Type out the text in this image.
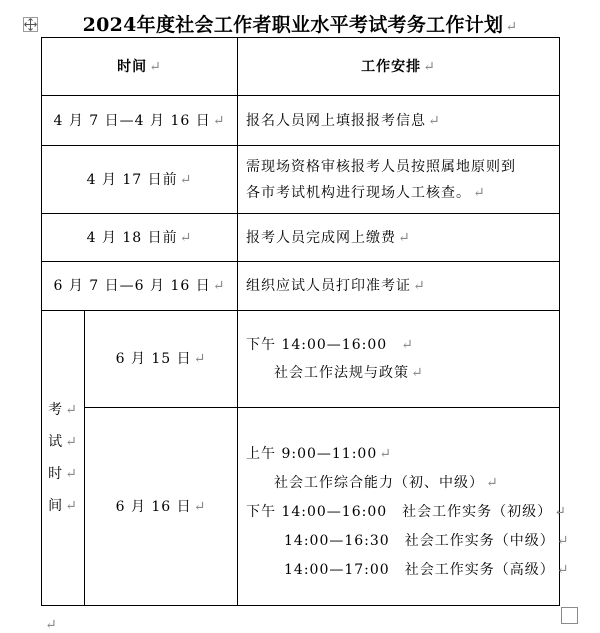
2024年度社会工作者职业水平考试考务工作计划 ↵
时间 ↵	工作安排 ↵
4 月 7 日—4 月 16 日 ↵ 报名人员网上填报报考信息 ↵
4 月 17 日前 ↵
需现场资格审核报考人员按照属地原则到
各市考试机构进行现场人工核查。 ↵
4 月 18 日前 ↵	报考人员完成网上缴费 ↵
6 月 7 日—6 月 16 日 ↵ 组织应试人员打印准考证 ↵
考 ↵
试 ↵
时 ↵
间 ↵
6 月 15 日 ↵
下午 14:00—16:00 ↵
社会工作法规与政策 ↵
6 月 16 日 ↵
上午 9:00—11:00 ↵
社会工作综合能力（初、中级） ↵
下午 14:00—16:00　社会工作实务（初级） ↵
14:00—16:30　社会工作实务（中级） ↵
14:00—17:00　社会工作实务（高级） ↵
↵
